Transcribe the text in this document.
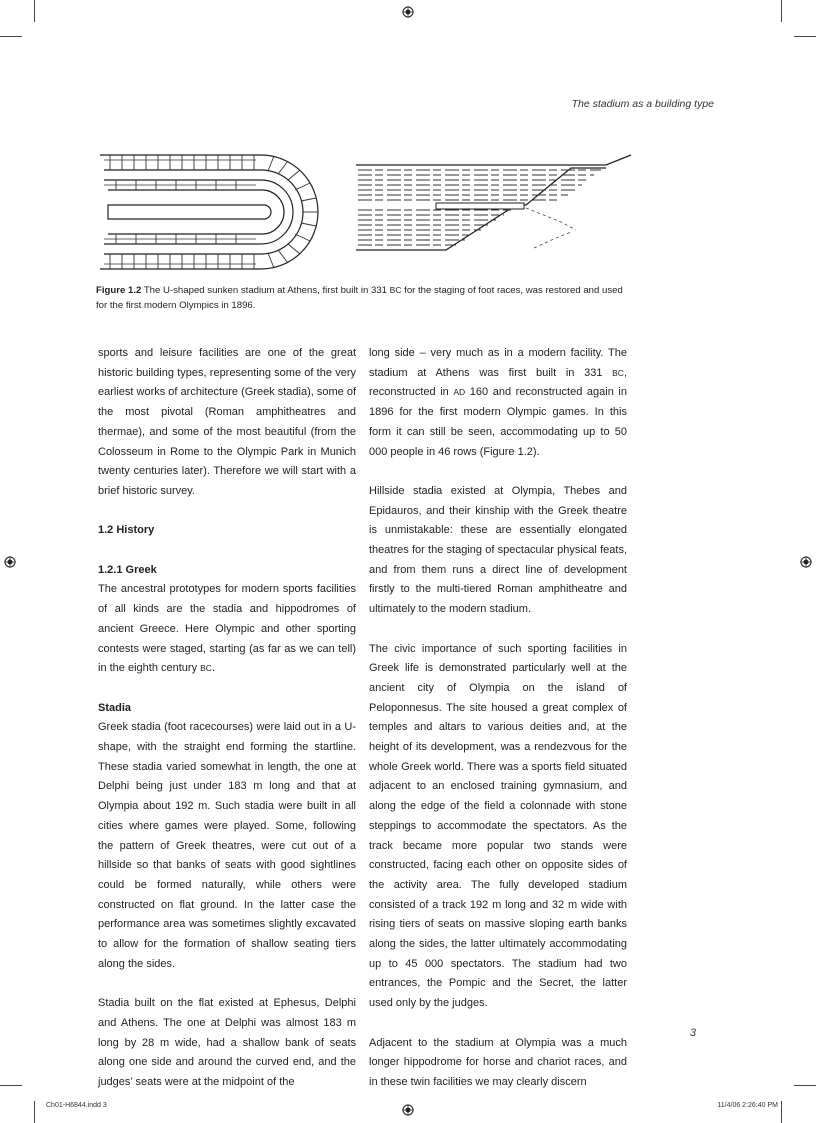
The stadium as a building type
Figure 1.2 The U-shaped sunken stadium at Athens, first built in 331 BC for the staging of foot races, was restored and used for the first modern Olympics in 1896.

sports and leisure facilities are one of the great historic building types, representing some of the very earliest works of architecture (Greek stadia), some of the most pivotal (Roman amphitheatres and thermae), and some of the most beautiful (from the Colosseum in Rome to the Olympic Park in Munich twenty centuries later). Therefore we will start with a brief historic survey.

1.2 History
1.2.1 Greek

The ancestral prototypes for modern sports facilities of all kinds are the stadia and hippodromes of ancient Greece. Here Olympic and other sporting contests were staged, starting (as far as we can tell) in the eighth century BC.

Stadia

Greek stadia (foot racecourses) were laid out in a U-shape, with the straight end forming the startline. These stadia varied somewhat in length, the one at Delphi being just under 183 m long and that at Olympia about 192 m. Such stadia were built in all cities where games were played. Some, following the pattern of Greek theatres, were cut out of a hillside so that banks of seats with good sightlines could be formed naturally, while others were constructed on flat ground. In the latter case the performance area was sometimes slightly excavated to allow for the formation of shallow seating tiers along the sides.

Stadia built on the flat existed at Ephesus, Delphi and Athens. The one at Delphi was almost 183 m long by 28 m wide, had a shallow bank of seats along one side and around the curved end, and the judges’ seats were at the midpoint of the

long side – very much as in a modern facility. The stadium at Athens was first built in 331 BC, reconstructed in AD 160 and reconstructed again in 1896 for the first modern Olympic games. In this form it can still be seen, accommodating up to 50 000 people in 46 rows (Figure 1.2).

Hillside stadia existed at Olympia, Thebes and Epidauros, and their kinship with the Greek theatre is unmistakable: these are essentially elongated theatres for the staging of spectacular physical feats, and from them runs a direct line of development firstly to the multi-tiered Roman amphitheatre and ultimately to the modern stadium.

The civic importance of such sporting facilities in Greek life is demonstrated particularly well at the ancient city of Olympia on the island of Peloponnesus. The site housed a great complex of temples and altars to various deities and, at the height of its development, was a rendezvous for the whole Greek world. There was a sports field situated adjacent to an enclosed training gymnasium, and along the edge of the field a colonnade with stone steppings to accommodate the spectators. As the track became more popular two stands were constructed, facing each other on opposite sides of the activity area. The fully developed stadium consisted of a track 192 m long and 32 m wide with rising tiers of seats on massive sloping earth banks along the sides, the latter ultimately accommodating up to 45 000 spectators. The stadium had two entrances, the Pompic and the Secret, the latter used only by the judges.

Adjacent to the stadium at Olympia was a much longer hippodrome for horse and chariot races, and in these twin facilities we may clearly discern

3
Ch01-H6844.indd 3	11/4/06 2:26:40 PM
